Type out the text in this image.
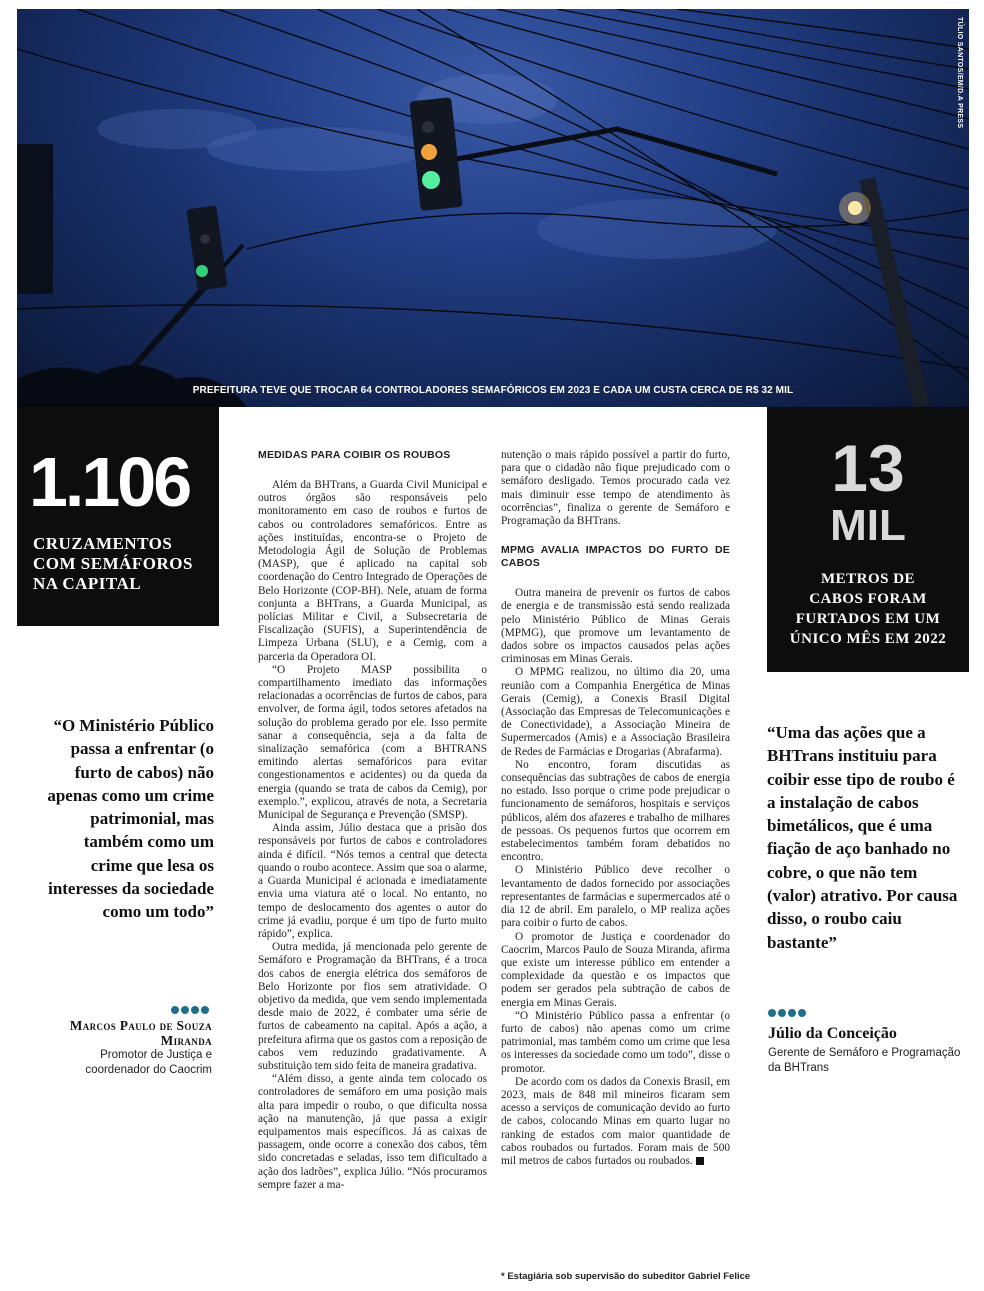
TÚLIO SANTOS/EM/D.A PRESS
PREFEITURA TEVE QUE TROCAR 64 CONTROLADORES SEMAFÓRICOS EM 2023 E CADA UM CUSTA CERCA DE R$ 32 MIL
1.106
CRUZAMENTOS
COM SEMÁFOROS
NA CAPITAL
13
MIL
METROS DE
CABOS FORAM
FURTADOS EM UM
ÚNICO MÊS EM 2022
MEDIDAS PARA COIBIR OS ROUBOS

Além da BHTrans, a Guarda Civil Municipal e outros órgãos são responsáveis pelo monitoramento em caso de roubos e furtos de cabos ou controladores semafóricos. Entre as ações instituídas, encontra-se o Projeto de Metodologia Ágil de Solução de Problemas (MASP), que é aplicado na capital sob coordenação do Centro Integrado de Operações de Belo Horizonte (COP-BH). Nele, atuam de forma conjunta a BHTrans, a Guarda Municipal, as polícias Militar e Civil, a Subsecretaria de Fiscalização (SUFIS), a Superintendência de Limpeza Urbana (SLU), e a Cemig, com a parceria da Operadora OI.

“O Projeto MASP possibilita o compartilhamento imediato das informações relacionadas a ocorrências de furtos de cabos, para envolver, de forma ágil, todos setores afetados na solução do problema gerado por ele. Isso permite sanar a consequência, seja a da falta de sinalização semafórica (com a BHTRANS emitindo alertas semafóricos para evitar congestionamentos e acidentes) ou da queda da energia (quando se trata de cabos da Cemig), por exemplo.”, explicou, através de nota, a Secretaria Municipal de Segurança e Prevenção (SMSP).

Ainda assim, Júlio destaca que a prisão dos responsáveis por furtos de cabos e controladores ainda é difícil. “Nós temos a central que detecta quando o roubo acontece. Assim que soa o alarme, a Guarda Municipal é acionada e imediatamente envia uma viatura até o local. No entanto, no tempo de deslocamento dos agentes o autor do crime já evadiu, porque é um tipo de furto muito rápido”, explica.

Outra medida, já mencionada pelo gerente de Semáforo e Programação da BHTrans, é a troca dos cabos de energia elétrica dos semáforos de Belo Horizonte por fios sem atratividade. O objetivo da medida, que vem sendo implementada desde maio de 2022, é combater uma série de furtos de cabeamento na capital. Após a ação, a prefeitura afirma que os gastos com a reposição de cabos vem reduzindo gradativamente. A substituição tem sido feita de maneira gradativa.

“Além disso, a gente ainda tem colocado os controladores de semáforo em uma posição mais alta para impedir o roubo, o que dificulta nossa ação na manutenção, já que passa a exigir equipamentos mais específicos. Já as caixas de passagem, onde ocorre a conexão dos cabos, têm sido concretadas e seladas, isso tem dificultado a ação dos ladrões”, explica Júlio. “Nós procuramos sempre fazer a ma-

nutenção o mais rápido possível a partir do furto, para que o cidadão não fique prejudicado com o semáforo desligado. Temos procurado cada vez mais diminuir esse tempo de atendimento às ocorrências”, finaliza o gerente de Semáforo e Programação da BHTrans.

MPMG AVALIA IMPACTOS DO FURTO DE CABOS

Outra maneira de prevenir os furtos de cabos de energia e de transmissão está sendo realizada pelo Ministério Público de Minas Gerais (MPMG), que promove um levantamento de dados sobre os impactos causados pelas ações criminosas em Minas Gerais.

O MPMG realizou, no último dia 20, uma reunião com a Companhia Energética de Minas Gerais (Cemig), a Conexis Brasil Digital (Associação das Empresas de Telecomunicações e de Conectividade), a Associação Mineira de Supermercados (Amis) e a Associação Brasileira de Redes de Farmácias e Drogarias (Abrafarma).

No encontro, foram discutidas as consequências das subtrações de cabos de energia no estado. Isso porque o crime pode prejudicar o funcionamento de semáforos, hospitais e serviços públicos, além dos afazeres e trabalho de milhares de pessoas. Os pequenos furtos que ocorrem em estabelecimentos também foram debatidos no encontro.

O Ministério Público deve recolher o levantamento de dados fornecido por associações representantes de farmácias e supermercados até o dia 12 de abril. Em paralelo, o MP realiza ações para coibir o furto de cabos.

O promotor de Justiça e coordenador do Caocrim, Marcos Paulo de Souza Miranda, afirma que existe um interesse público em entender a complexidade da questão e os impactos que podem ser gerados pela subtração de cabos de energia em Minas Gerais.

“O Ministério Público passa a enfrentar (o furto de cabos) não apenas como um crime patrimonial, mas também como um crime que lesa os interesses da sociedade como um todo”, disse o promotor.

De acordo com os dados da Conexis Brasil, em 2023, mais de 848 mil mineiros ficaram sem acesso a serviços de comunicação devido ao furto de cabos, colocando Minas em quarto lugar no ranking de estados com maior quantidade de cabos roubados ou furtados. Foram mais de 500 mil metros de cabos furtados ou roubados.

* Estagiária sob supervisão do subeditor Gabriel Felice
“O Ministério Público passa a enfrentar (o furto de cabos) não apenas como um crime patrimonial, mas também como um crime que lesa os interesses da sociedade como um todo”
Marcos Paulo de Souza Miranda
Promotor de Justiça e coordenador do Caocrim
“Uma das ações que a BHTrans instituiu para coibir esse tipo de roubo é a instalação de cabos bimetálicos, que é uma fiação de aço banhado no cobre, o que não tem (valor) atrativo. Por causa disso, o roubo caiu bastante”
Júlio da Conceição
Gerente de Semáforo e Programação da BHTrans
